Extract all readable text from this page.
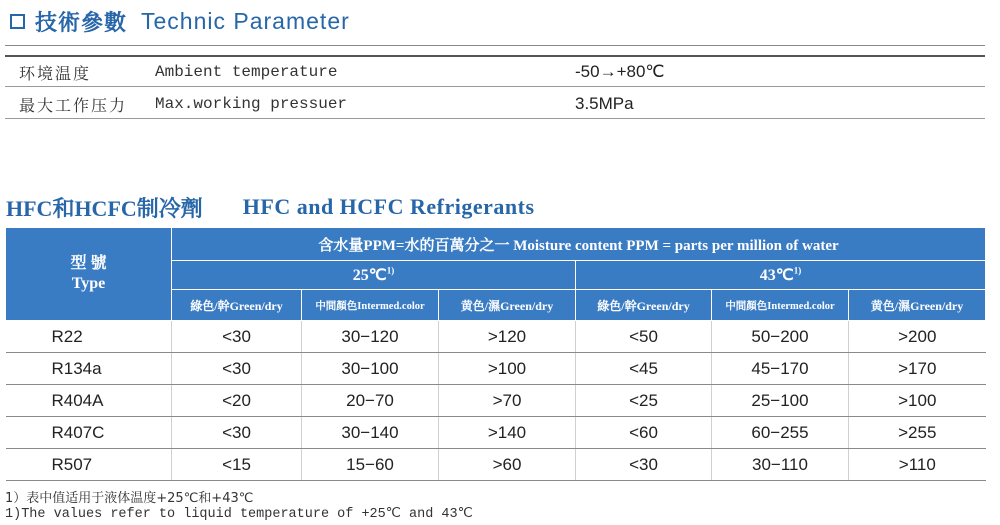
技術參數 Technic Parameter
环境温度	Ambient temperature	-50→+80℃
最大工作压力 Max.working pressuer	3.5MPa
HFC和HCFC制冷劑 HFC and HCFC Refrigerants
型 號
Type	含水量PPM=水的百萬分之一 Moisture content PPM = parts per million of water					
	25℃$^{1)}$			43℃$^{1)}$
	綠色/幹Green/dry	中間顏色Intermed.color	黄色/濕Green/dry	綠色/幹Green/dry	中間顏色Intermed.color	黄色/濕Green/dry
R22	<30	30−120	>120	<50	50−200	>200
R134a	<30	30−100	>100	<45	45−170	>170
R404A	<20	20−70	>70	<25	25−100	>100
R407C	<30	30−140	>140	<60	60−255	>255
R507	<15	15−60	>60	<30	30−110	>110
1）表中值适用于液体温度+25℃和+43℃
1)The values refer to liquid temperature of +25℃ and 43℃
